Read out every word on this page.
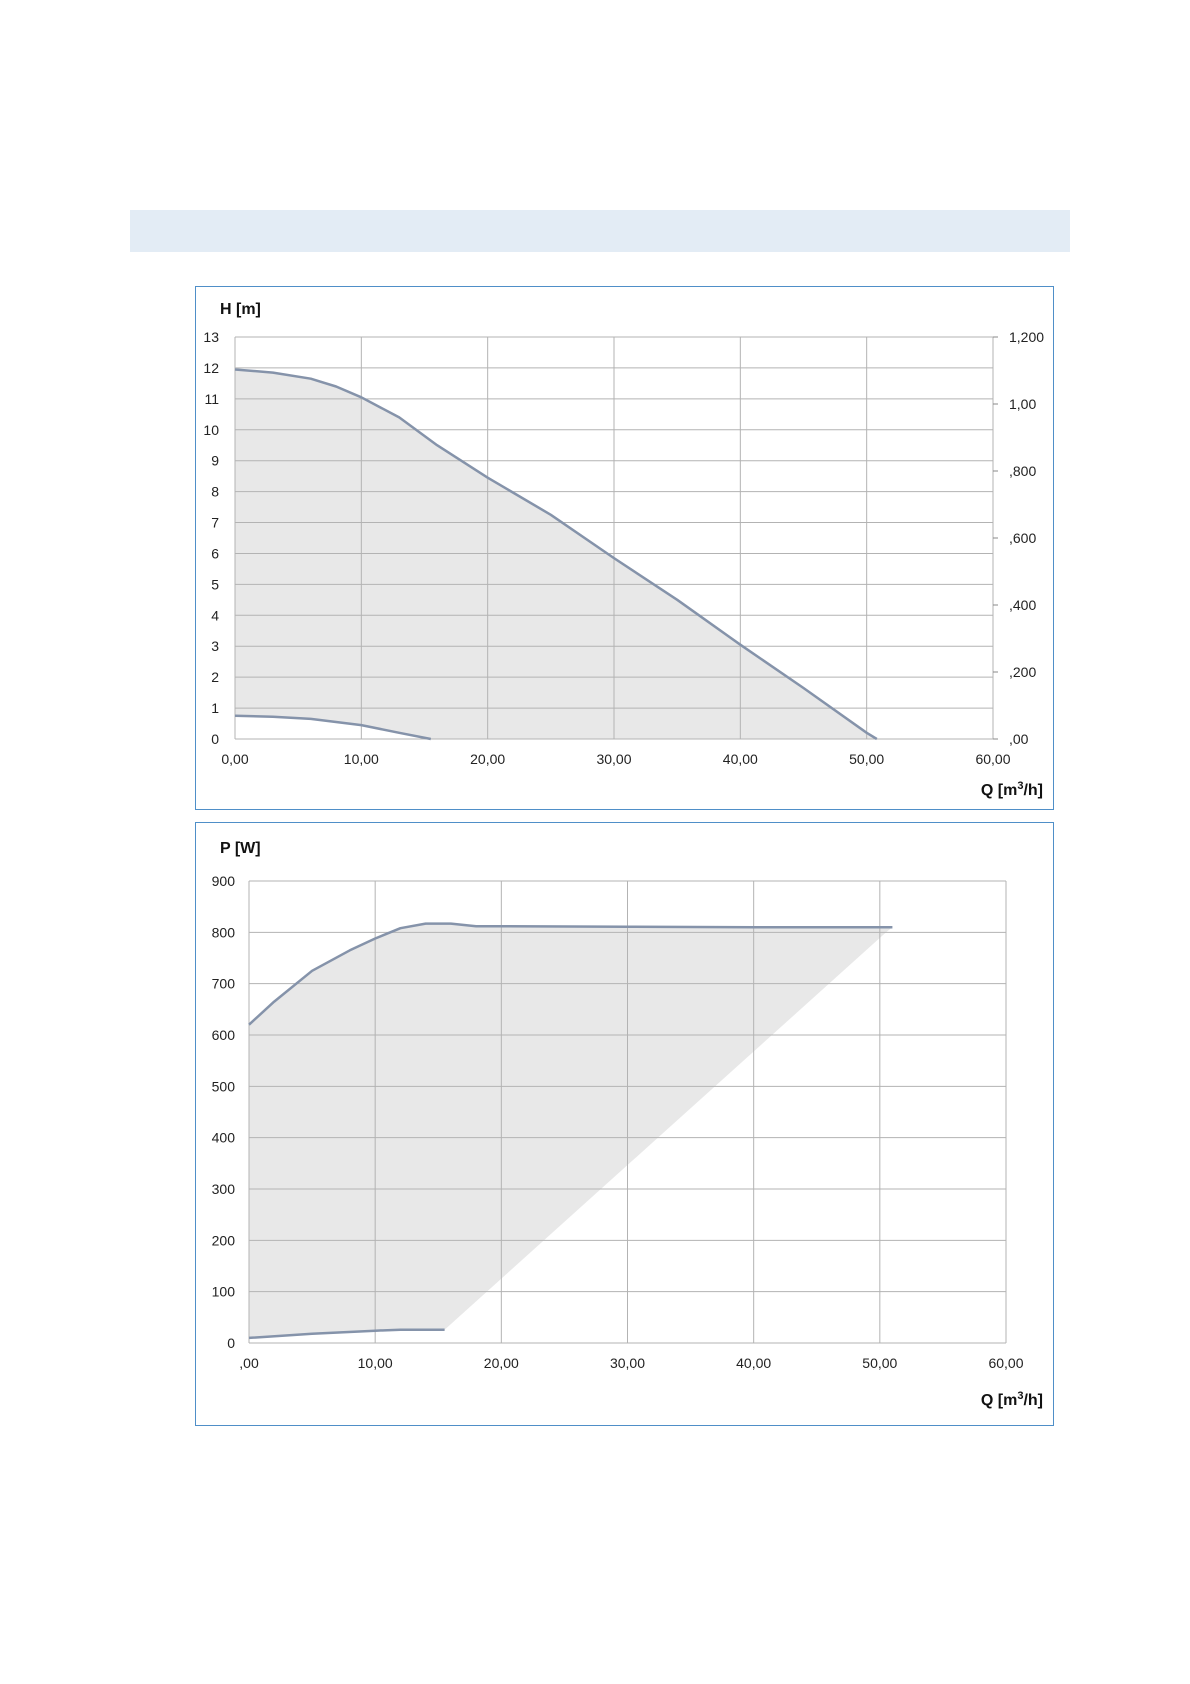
0
1
2
3
4
5
6
7
8
9
10
11
12
13
0,00	10,00	20,00	30,00	40,00	50,00	60,00
,00
,200
,400
,600
,800
1,00
1,200
H [m]
Q $[m^3/h]$
0
100
200
300
400
500
600
700
800
900
,00	10,00	20,00	30,00	40,00	50,00	60,00
P [W]
Q $[m^3/h]$
